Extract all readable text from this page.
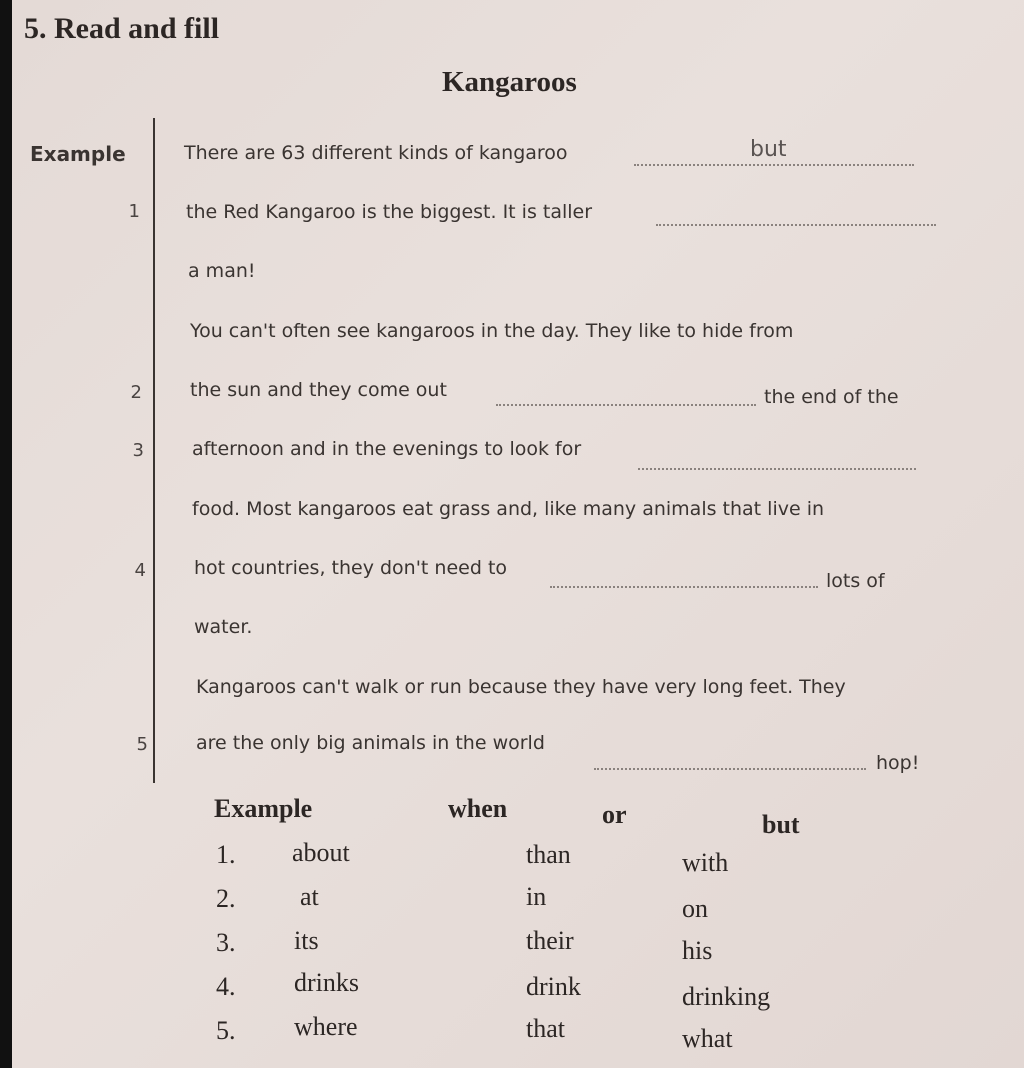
5. Read and fill
Kangaroos
Example	There are 63 different kinds of kangaroo	but
1 the Red Kangaroo is the biggest. It is taller
a man!
You can't often see kangaroos in the day. They like to hide from
2	the sun and they come out	the end of the
3	afternoon and in the evenings to look for
food. Most kangaroos eat grass and, like many animals that live in
4	hot countries, they don't need to
lots of
water.
Kangaroos can't walk or run because they have very long feet. They
5	are the only big animals in the world
hop!
Example	when	or	but
1. about	than	with
2. at	in	on
3. its	their	his
4. drinks	drink	drinking
5. where	that	what
